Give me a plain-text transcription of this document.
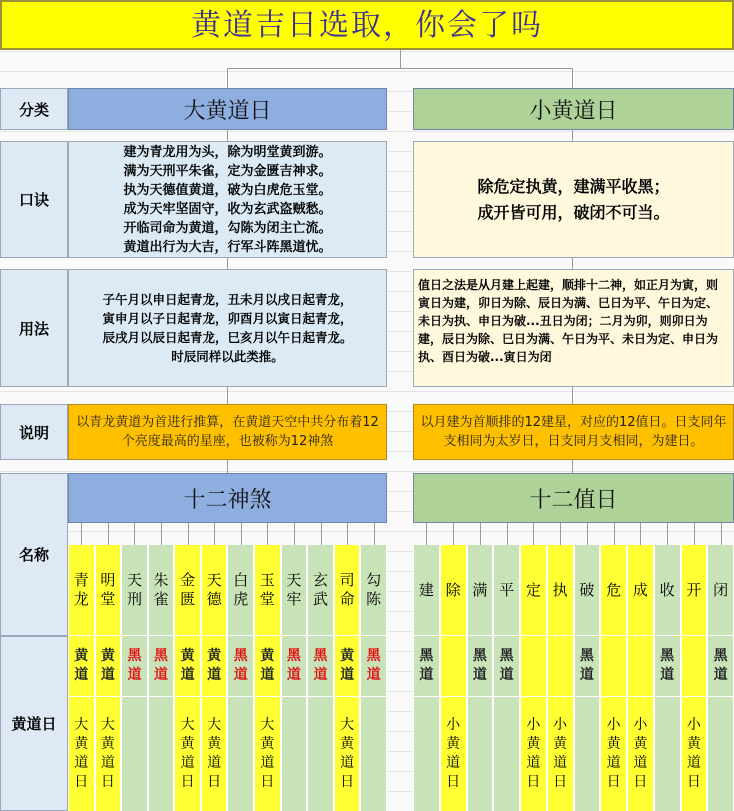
黄道吉日选取，你会了吗
分类
口诀
用法
说明
名称
黄道日
大黄道日	小黄道日
建为青龙用为头，除为明堂黄到游。
满为天刑平朱雀，定为金匮吉神求。
执为天德值黄道，破为白虎危玉堂。
成为天牢坚固守，收为玄武盗贼愁。
开临司命为黄道，勾陈为闭主亡流。
黄道出行为大吉，行军斗阵黑道忧。
除危定执黄，建满平收黑；
成开皆可用，破闭不可当。
子午月以申日起青龙，丑未月以戌日起青龙，
寅申月以子日起青龙，卯酉月以寅日起青龙，
辰戌月以辰日起青龙，巳亥月以午日起青龙。
时辰同样以此类推。
值日之法是从月建上起建，顺排十二神，如正月为寅，则寅日为建，卯日为除、辰日为满、巳日为平、午日为定、未日为执、申日为破...丑日为闭；二月为卯，则卯日为建，辰日为除、巳日为满、午日为平、未日为定、申日为执、酉日为破...寅日为闭
以青龙黄道为首进行推算，在黄道天空中共分布着12个亮度最高的星座，也被称为12神煞
以月建为首顺排的12建星，对应的12值日。日支同年支相同为太岁日，日支同月支相同，为建日。
十二神煞	十二值日
青
龙
黄
道
大
黄
道
日
明
堂
黄
道
大
黄
道
日
天
刑
黑
道
朱
雀
黑
道
金
匮
黄
道
大
黄
道
日
天
德
黄
道
大
黄
道
日
白
虎
黑
道
玉
堂
黄
道
大
黄
道
日
天
牢
黑
道
玄
武
黑
道
司
命
黄
道
大
黄
道
日
勾
陈
黑
道
建
黑
道
除
小
黄
道
日
满
黑
道
平
黑
道
定
小
黄
道
日
执
小
黄
道
日
破
黑
道
危
小
黄
道
日
成
小
黄
道
日
收
黑
道
开
小
黄
道
日
闭
黑
道
